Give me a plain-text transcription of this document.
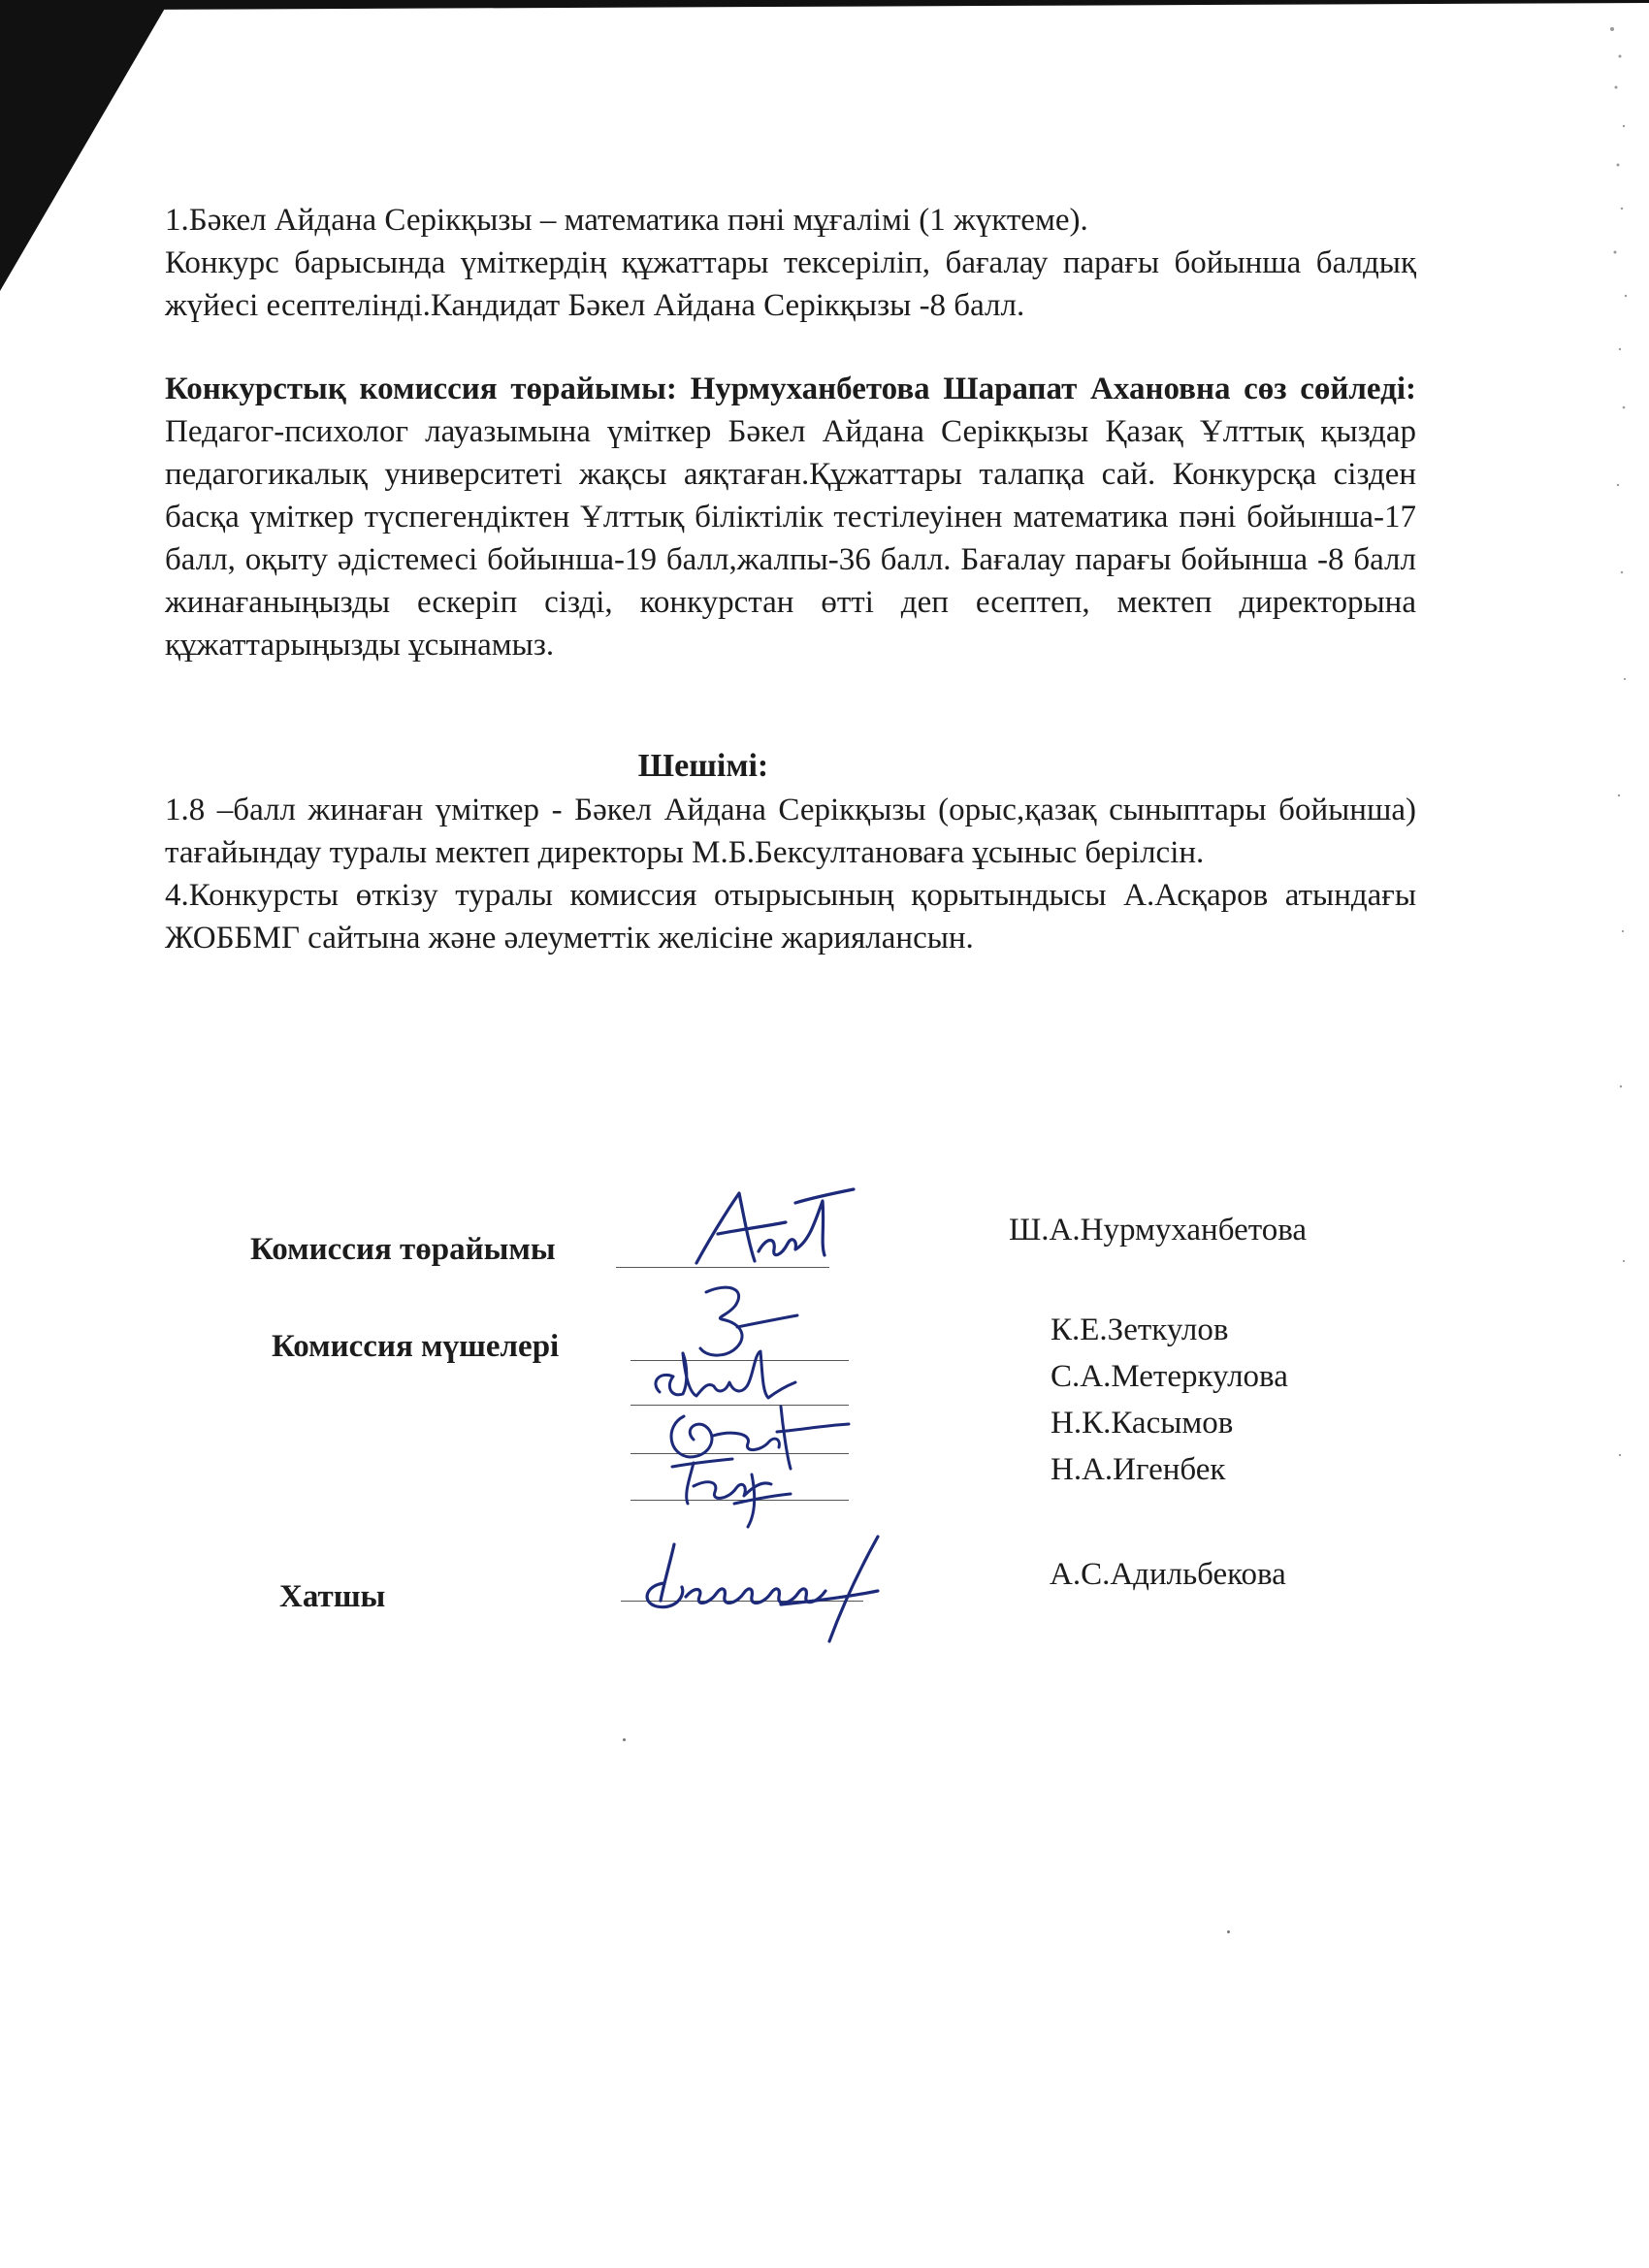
1.Бәкел Айдана Серікқызы – математика пәні мұғалімі (1 жүктеме).
Конкурс барысында үміткердің құжаттары тексеріліп, бағалау парағы бойынша балдық жүйесі есептелінді.Кандидат Бәкел Айдана Серікқызы -8 балл.

Конкурстық комиссия төрайымы: Нурмуханбетова Шарапат Ахановна сөз сөйледі: Педагог-психолог лауазымына үміткер Бәкел Айдана Серікқызы Қазақ Ұлттық қыздар педагогикалық университеті жақсы аяқтаған.Құжаттары талапқа сай. Конкурсқа сізден басқа үміткер түспегендіктен Ұлттық біліктілік тестілеуінен математика пәні бойынша-17 балл, оқыту әдістемесі бойынша-19 балл,жалпы-36 балл. Бағалау парағы бойынша -8 балл жинағаныңызды ескеріп сізді, конкурстан өтті деп есептеп, мектеп директорына құжаттарыңызды ұсынамыз.

Шешімі:

1.8 –балл жинаған үміткер - Бәкел Айдана Серікқызы (орыс,қазақ сыныптары бойынша) тағайындау туралы мектеп директоры М.Б.Бексултановаға ұсыныс берілсін.

4.Конкурсты өткізу туралы комиссия отырысының қорытындысы А.Асқаров атындағы ЖОББМГ сайтына және әлеуметтік желісіне жариялансын.

Комиссия төрайымы
Ш.А.Нурмуханбетова
Комиссия мүшелері	К.Е.Зеткулов
С.А.Метеркулова
Н.К.Касымов
Н.А.Игенбек
Хатшы
А.С.Адильбекова
